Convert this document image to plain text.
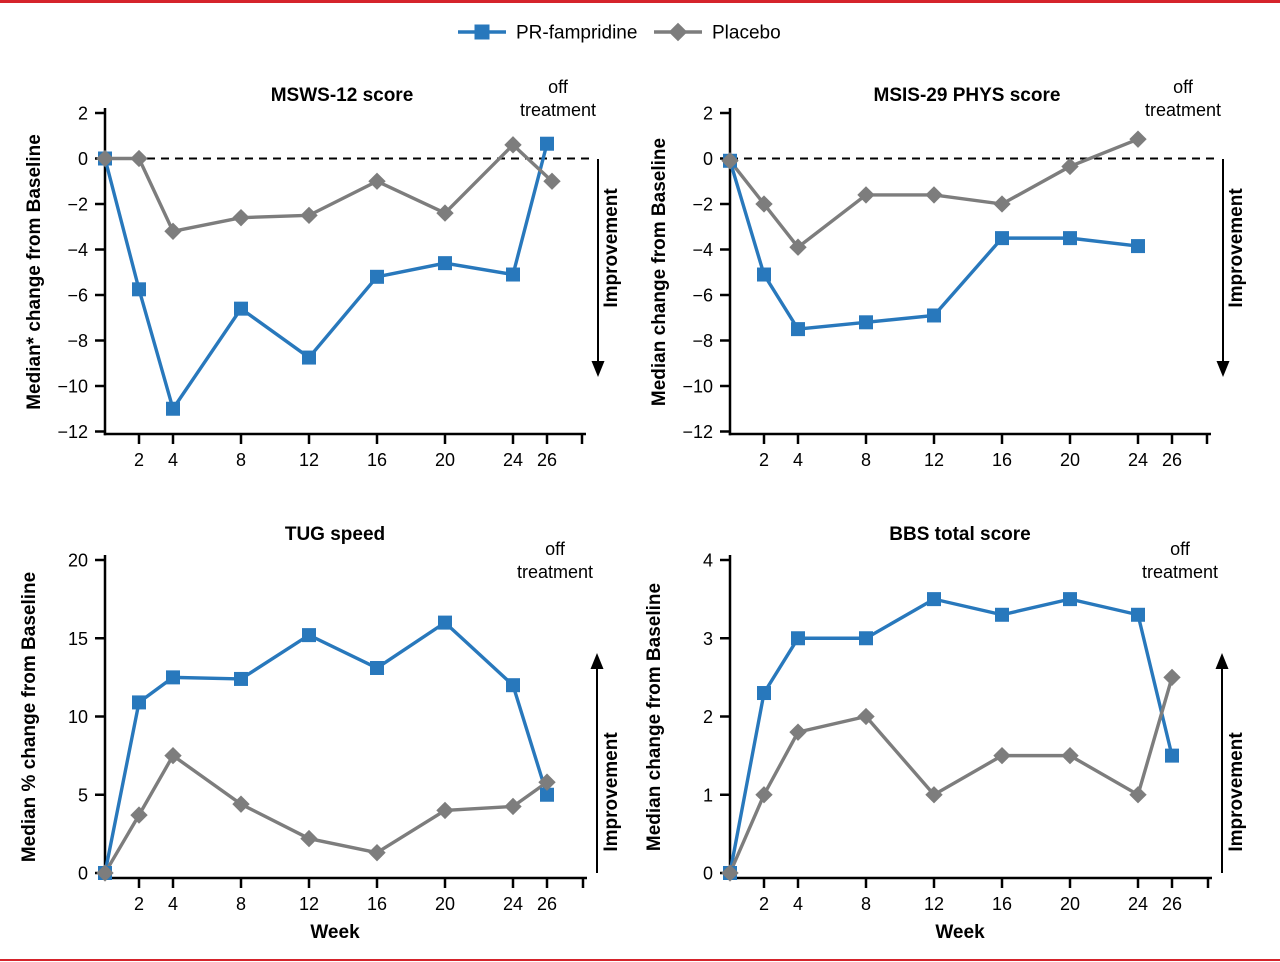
PR-fampridine	Placebo
2
0
−2
−4
−6
−8
−10
−12
2 4	8	12	16	20	24 26
MSWS-12 score
Median* change from Baseline
off
treatment
Improvement
2
0
−2
−4
−6
−8
−10
−12
2 4	8	12	16	20	24 26
MSIS-29 PHYS score
Median change from Baseline
off
treatment
Improvement
20
15
10
5
0
2 4	8	12	16	20	24 26
TUG speed
Median % change from Baseline
Week
off
treatment
Improvement
4
3
2
1
0
2 4	8	12	16	20	24 26
BBS total score
Median change from Baseline
Week
off
treatment
Improvement
